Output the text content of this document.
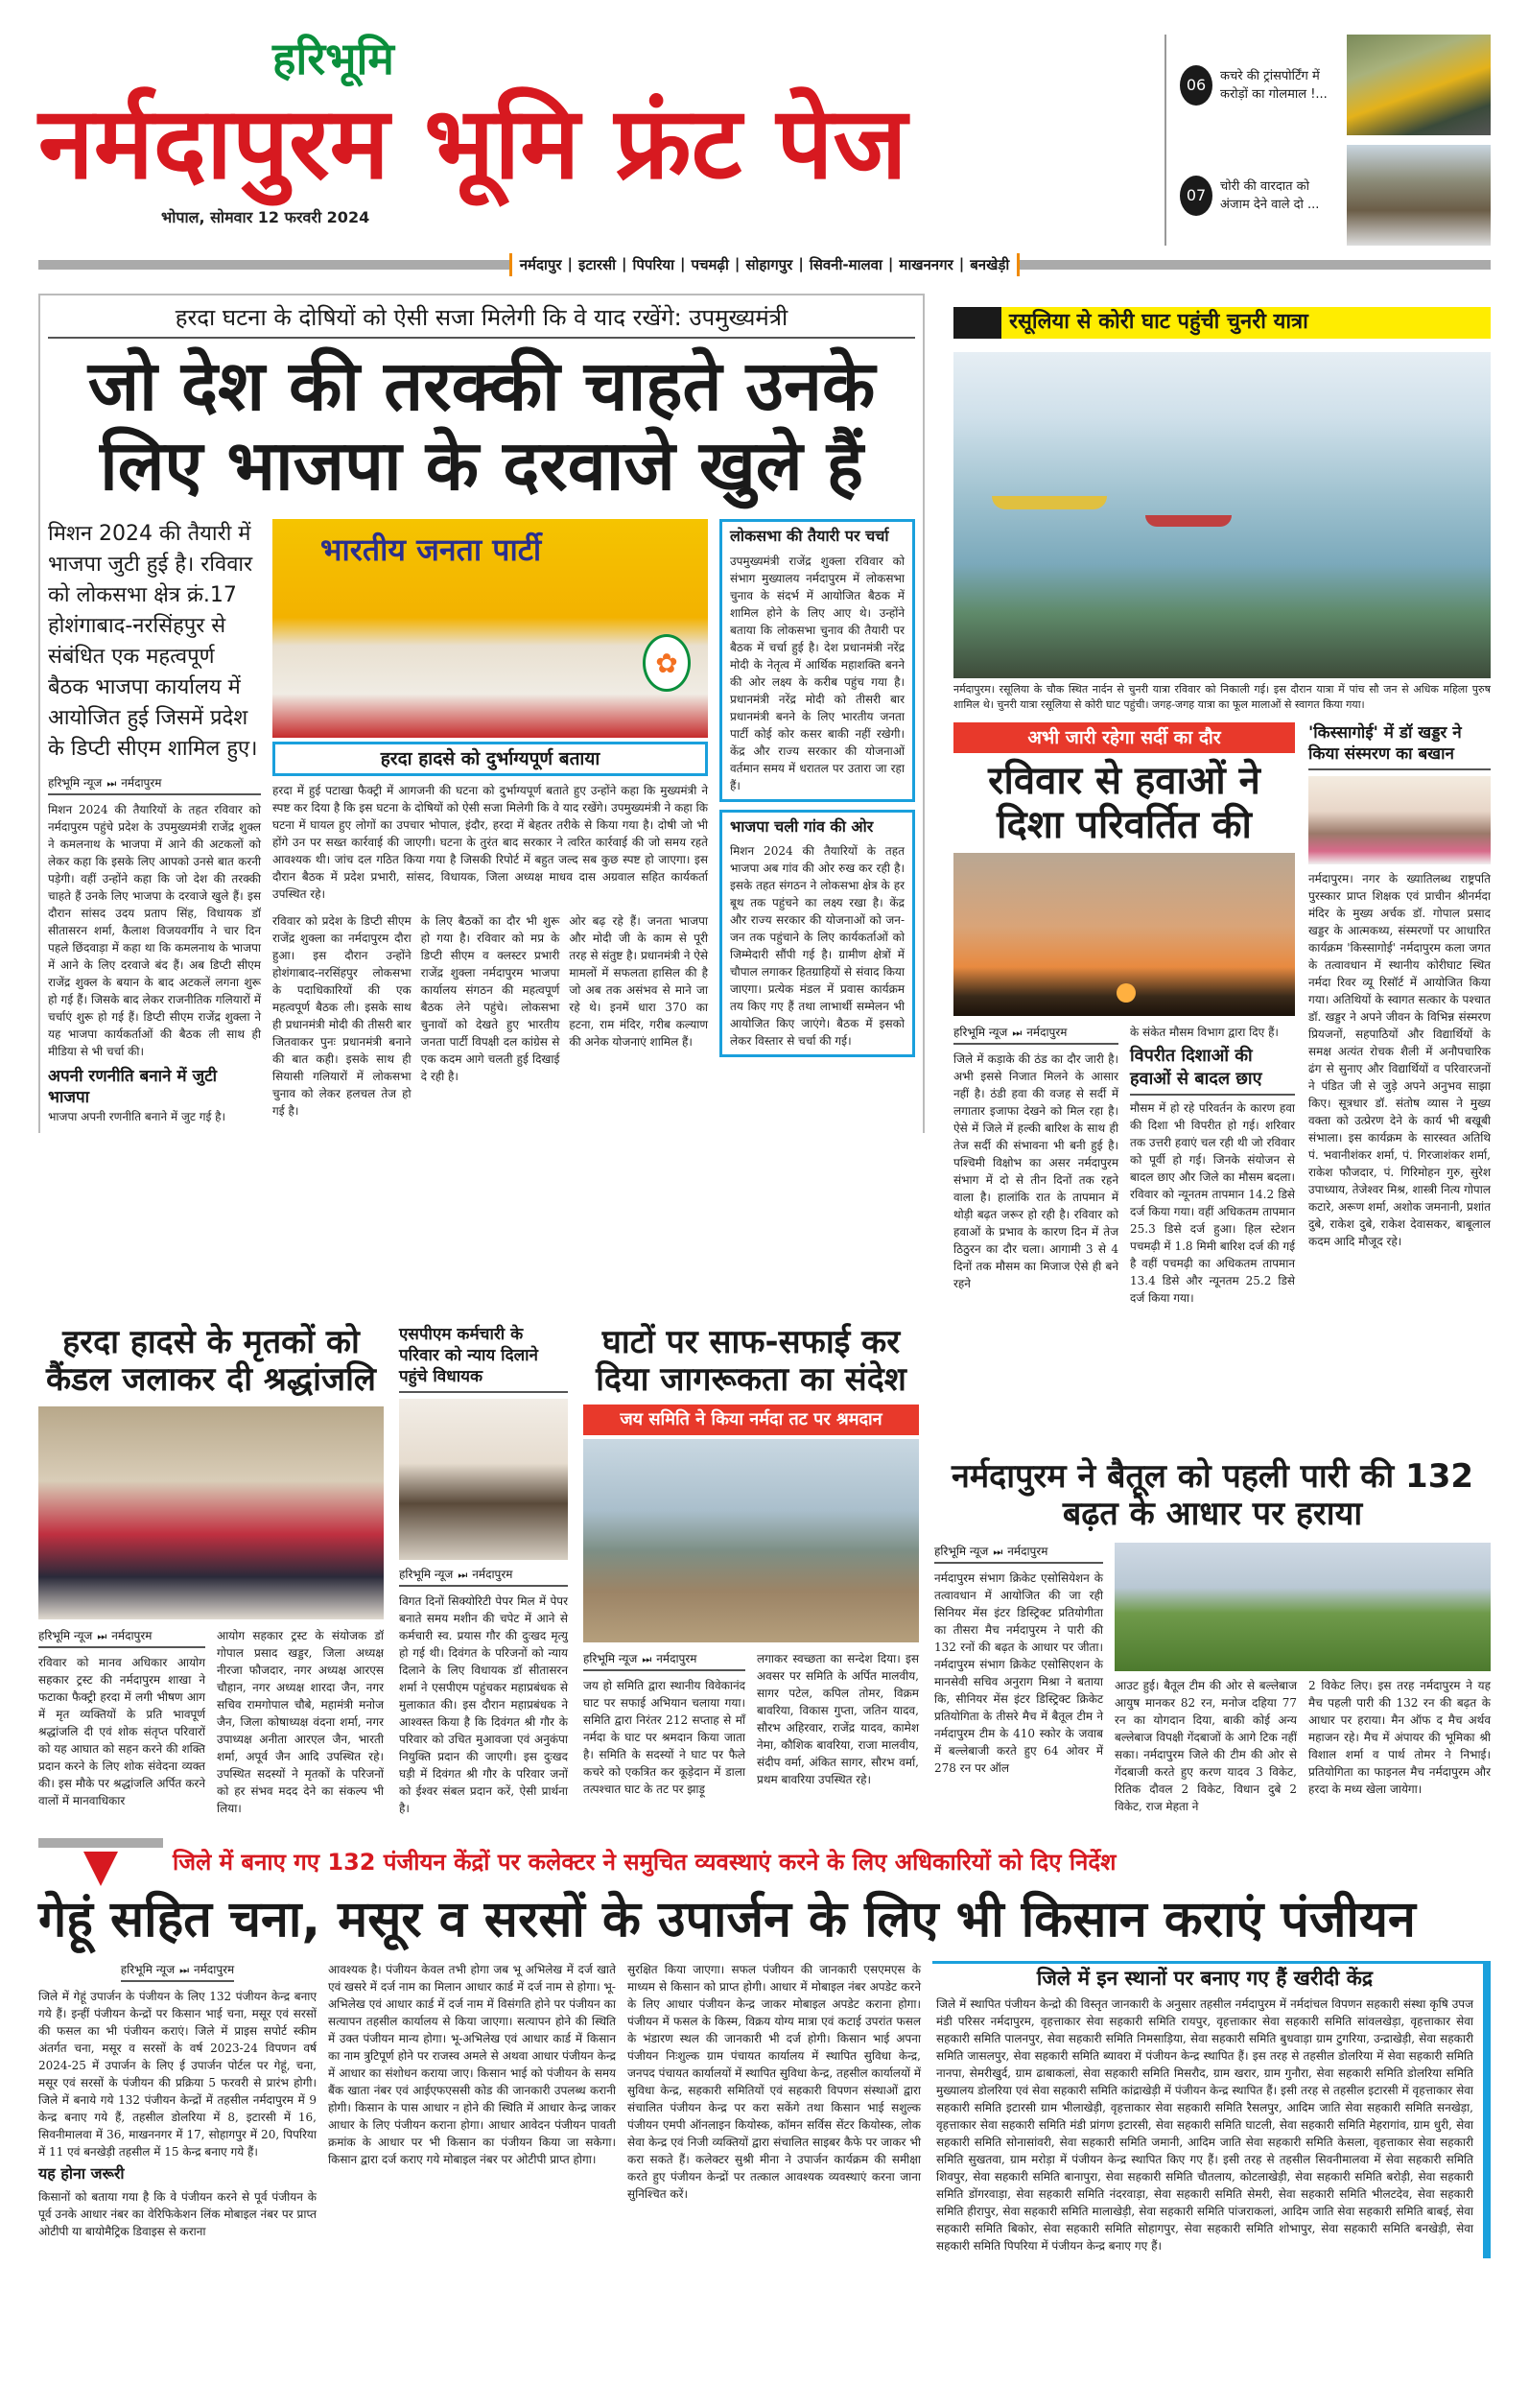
हरिभूमि
नर्मदापुरम भूमि फ्रंट पेज
भोपाल, सोमवार 12 फरवरी 2024
06	कचरे की ट्रांसपोर्टिंग में करोड़ों का गोलमाल !...
07	चोरी की वारदात को अंजाम देने वाले दो ...
नर्मदापुर | इटारसी | पिपरिया | पचमढ़ी | सोहागपुर | सिवनी-मालवा | माखननगर | बनखेड़ी
हरदा घटना के दोषियों को ऐसी सजा मिलेगी कि वे याद रखेंगे: उपमुख्यमंत्री
जो देश की तरक्की चाहते उनके लिए भाजपा के दरवाजे खुले हैं
मिशन 2024 की तैयारी में भाजपा जुटी हुई है। रविवार को लोकसभा क्षेत्र क्रं.17 होशंगाबाद-नरसिंहपुर से संबंधित एक महत्वपूर्ण बैठक भाजपा कार्यालय में आयोजित हुई जिसमें प्रदेश के डिप्टी सीएम शामिल हुए।
हरिभूमि न्यूज ⏭ नर्मदापुरम
मिशन 2024 की तैयारियों के तहत रविवार को नर्मदापुरम पहुंचे प्रदेश के उपमुख्यमंत्री राजेंद्र शुक्ल ने कमलनाथ के भाजपा में आने की अटकलों को लेकर कहा कि इसके लिए आपको उनसे बात करनी पड़ेगी। वहीं उन्होंने कहा कि जो देश की तरक्की चाहते हैं उनके लिए भाजपा के दरवाजे खुले हैं। इस दौरान सांसद उदय प्रताप सिंह, विधायक डॉ सीतासरन शर्मा, कैलाश विजयवर्गीय ने चार दिन पहले छिंदवाड़ा में कहा था कि कमलनाथ के भाजपा में आने के लिए दरवाजे बंद हैं। अब डिप्टी सीएम राजेंद्र शुक्ल के बयान के बाद अटकलें लगना शुरू हो गई हैं। जिसके बाद लेकर राजनीतिक गलियारों में चर्चाएं शुरू हो गई हैं। डिप्टी सीएम राजेंद्र शुक्ला ने यह भाजपा कार्यकर्ताओं की बैठक ली साथ ही मीडिया से भी चर्चा की।
अपनी रणनीति बनाने में जुटी भाजपा
भाजपा अपनी रणनीति बनाने में जुट गई है।
भारतीय जनता पार्टी
✿
हरदा हादसे को दुर्भाग्यपूर्ण बताया
हरदा में हुई पटाखा फैक्ट्री में आगजनी की घटना को दुर्भाग्यपूर्ण बताते हुए उन्होंने कहा कि मुख्यमंत्री ने स्पष्ट कर दिया है कि इस घटना के दोषियों को ऐसी सजा मिलेगी कि वे याद रखेंगे। उपमुख्यमंत्री ने कहा कि घटना में घायल हुए लोगों का उपचार भोपाल, इंदौर, हरदा में बेहतर तरीके से किया गया है। दोषी जो भी होंगे उन पर सख्त कार्रवाई की जाएगी। घटना के तुरंत बाद सरकार ने त्वरित कार्रवाई की जो समय रहते आवश्यक थी। जांच दल गठित किया गया है जिसकी रिपोर्ट में बहुत जल्द सब कुछ स्पष्ट हो जाएगा। इस दौरान बैठक में प्रदेश प्रभारी, सांसद, विधायक, जिला अध्यक्ष माधव दास अग्रवाल सहित कार्यकर्ता उपस्थित रहे।
रविवार को प्रदेश के डिप्टी सीएम राजेंद्र शुक्ला का नर्मदापुरम दौरा हुआ। इस दौरान उन्होंने होशंगाबाद-नरसिंहपुर लोकसभा के पदाधिकारियों की एक महत्वपूर्ण बैठक ली। इसके साथ ही प्रधानमंत्री मोदी की तीसरी बार जितवाकर पुनः प्रधानमंत्री बनाने की बात कही। इसके साथ ही सियासी गलियारों में लोकसभा चुनाव को लेकर हलचल तेज हो गई है।
के लिए बैठकों का दौर भी शुरू हो गया है। रविवार को मप्र के डिप्टी सीएम व क्लस्टर प्रभारी राजेंद्र शुक्ला नर्मदापुरम भाजपा कार्यालय संगठन की महत्वपूर्ण बैठक लेने पहुंचे। लोकसभा चुनावों को देखते हुए भारतीय जनता पार्टी विपक्षी दल कांग्रेस से एक कदम आगे चलती हुई दिखाई दे रही है।
ओर बढ़ रहे हैं। जनता भाजपा और मोदी जी के काम से पूरी तरह से संतुष्ट है। प्रधानमंत्री ने ऐसे मामलों में सफलता हासिल की है जो अब तक असंभव से माने जा रहे थे। इनमें धारा 370 का हटना, राम मंदिर, गरीब कल्याण की अनेक योजनाएं शामिल हैं।
लोकसभा की तैयारी पर चर्चा
उपमुख्यमंत्री राजेंद्र शुक्ला रविवार को संभाग मुख्यालय नर्मदापुरम में लोकसभा चुनाव के संदर्भ में आयोजित बैठक में शामिल होने के लिए आए थे। उन्होंने बताया कि लोकसभा चुनाव की तैयारी पर बैठक में चर्चा हुई है। देश प्रधानमंत्री नरेंद्र मोदी के नेतृत्व में आर्थिक महाशक्ति बनने की ओर लक्ष्य के करीब पहुंच गया है। प्रधानमंत्री नरेंद्र मोदी को तीसरी बार प्रधानमंत्री बनने के लिए भारतीय जनता पार्टी कोई कोर कसर बाकी नहीं रखेगी। केंद्र और राज्य सरकार की योजनाओं वर्तमान समय में धरातल पर उतारा जा रहा हैं।
भाजपा चली गांव की ओर
मिशन 2024 की तैयारियों के तहत भाजपा अब गांव की ओर रुख कर रही है। इसके तहत संगठन ने लोकसभा क्षेत्र के हर बूथ तक पहुंचने का लक्ष्य रखा है। केंद्र और राज्य सरकार की योजनाओं को जन-जन तक पहुंचाने के लिए कार्यकर्ताओं को जिम्मेदारी सौंपी गई है। ग्रामीण क्षेत्रों में चौपाल लगाकर हितग्राहियों से संवाद किया जाएगा। प्रत्येक मंडल में प्रवास कार्यक्रम तय किए गए हैं तथा लाभार्थी सम्मेलन भी आयोजित किए जाएंगे। बैठक में इसको लेकर विस्तार से चर्चा की गई।
रसूलिया से कोरी घाट पहुंची चुनरी यात्रा
नर्मदापुरम। रसूलिया के चौक स्थित नार्दन से चुनरी यात्रा रविवार को निकाली गई। इस दौरान यात्रा में पांच सौ जन से अधिक महिला पुरुष शामिल थे। चुनरी यात्रा रसूलिया से कोरी घाट पहुंची। जगह-जगह यात्रा का फूल मालाओं से स्वागत किया गया।
अभी जारी रहेगा सर्दी का दौर
रविवार से हवाओं ने दिशा परिवर्तित की
हरिभूमि न्यूज ⏭ नर्मदापुरम
जिले में कड़ाके की ठंड का दौर जारी है। अभी इससे निजात मिलने के आसार नहीं है। ठंडी हवा की वजह से सर्दी में लगातार इजाफा देखने को मिल रहा है। ऐसे में जिले में हल्की बारिश के साथ ही तेज सर्दी की संभावना भी बनी हुई है। पश्चिमी विक्षोभ का असर नर्मदापुरम संभाग में दो से तीन दिनों तक रहने वाला है। हालांकि रात के तापमान में थोड़ी बढ़त जरूर हो रही है। रविवार को हवाओं के प्रभाव के कारण दिन में तेज ठिठुरन का दौर चला। आगामी 3 से 4 दिनों तक मौसम का मिजाज ऐसे ही बने रहने
के संकेत मौसम विभाग द्वारा दिए हैं।
विपरीत दिशाओं की हवाओं से बादल छाए
मौसम में हो रहे परिवर्तन के कारण हवा की दिशा भी विपरीत हो गई। शरिवार तक उत्तरी हवाएं चल रही थी जो रविवार को पूर्वी हो गई। जिनके संयोजन से बादल छाए और जिले का मौसम बदला। रविवार को न्यूनतम तापमान 14.2 डिसे दर्ज किया गया। वहीं अधिकतम तापमान 25.3 डिसे दर्ज हुआ। हिल स्टेशन पचमढ़ी में 1.8 मिमी बारिश दर्ज की गई है वहीं पचमढ़ी का अधिकतम तापमान 13.4 डिसे और न्यूनतम 25.2 डिसे दर्ज किया गया।
'किस्सागोई' में डॉ खड्डर ने किया संस्मरण का बखान
नर्मदापुरम। नगर के ख्यातिलब्ध राष्ट्रपति पुरस्कार प्राप्त शिक्षक एवं प्राचीन श्रीनर्मदा मंदिर के मुख्य अर्चक डॉ. गोपाल प्रसाद खड्डर के आत्मकथ्य, संस्मरणों पर आधारित कार्यक्रम 'किस्सागोई' नर्मदापुरम कला जगत के तत्वावधान में स्थानीय कोरीघाट स्थित नर्मदा रिवर व्यू रिसॉर्ट में आयोजित किया गया। अतिथियों के स्वागत सत्कार के पश्चात डॉ. खड्डर ने अपने जीवन के विभिन्न संस्मरण प्रियजनों, सहपाठियों और विद्यार्थियों के समक्ष अत्यंत रोचक शैली में अनौपचारिक ढंग से सुनाए और विद्यार्थियों व परिवारजनों ने पंडित जी से जुड़े अपने अनुभव साझा किए। सूत्रधार डॉ. संतोष व्यास ने मुख्य वक्ता को उत्प्रेरण देने के कार्य भी बखूबी संभाला। इस कार्यक्रम के सारस्वत अतिथि पं. भवानीशंकर शर्मा, पं. गिरजाशंकर शर्मा, राकेश फौजदार, पं. गिरिमोहन गुरु, सुरेश उपाध्याय, तेजेश्वर मिश्र, शास्त्री नित्य गोपाल कटारे, अरूण शर्मा, अशोक जमनानी, प्रशांत दुबे, राकेश दुबे, राकेश देवासकर, बाबूलाल कदम आदि मौजूद रहे।
हरदा हादसे के मृतकों को कैंडल जलाकर दी श्रद्धांजलि
हरिभूमि न्यूज ⏭ नर्मदापुरम
रविवार को मानव अधिकार आयोग सहकार ट्रस्ट की नर्मदापुरम शाखा ने फटाका फैक्ट्री हरदा में लगी भीषण आग में मृत व्यक्तियों के प्रति भावपूर्ण श्रद्धांजलि दी एवं शोक संतृप्त परिवारों को यह आघात को सहन करने की शक्ति प्रदान करने के लिए शोक संवेदना व्यक्त की। इस मौके पर श्रद्धांजलि अर्पित करने वालों में मानवाधिकार
आयोग सहकार ट्रस्ट के संयोजक डॉ गोपाल प्रसाद खड्डर, जिला अध्यक्ष नीरजा फौजदार, नगर अध्यक्ष आरएस चौहान, नगर अध्यक्ष शारदा जैन, नगर सचिव रामगोपाल चौबे, महामंत्री मनोज जैन, जिला कोषाध्यक्ष वंदना शर्मा, नगर उपाध्यक्ष अनीता आरएल जैन, भारती शर्मा, अपूर्व जैन आदि उपस्थित रहे। उपस्थित सदस्यों ने मृतकों के परिजनों को हर संभव मदद देने का संकल्प भी लिया।
एसपीएम कर्मचारी के परिवार को न्याय दिलाने पहुंचे विधायक
हरिभूमि न्यूज ⏭ नर्मदापुरम
विगत दिनों सिक्योरिटी पेपर मिल में पेपर बनाते समय मशीन की चपेट में आने से कर्मचारी स्व. प्रयास गौर की दुःखद मृत्यु हो गई थी। दिवंगत के परिजनों को न्याय दिलाने के लिए विधायक डॉ सीतासरन शर्मा ने एसपीएम पहुंचकर महाप्रबंधक से मुलाकात की। इस दौरान महाप्रबंधक ने आश्वस्त किया है कि दिवंगत श्री गौर के परिवार को उचित मुआवजा एवं अनुकंपा नियुक्ति प्रदान की जाएगी। इस दुःखद घड़ी में दिवंगत श्री गौर के परिवार जनों को ईश्वर संबल प्रदान करें, ऐसी प्रार्थना है।
घाटों पर साफ-सफाई कर दिया जागरूकता का संदेश
जय समिति ने किया नर्मदा तट पर श्रमदान
हरिभूमि न्यूज ⏭ नर्मदापुरम
जय हो समिति द्वारा स्थानीय विवेकानंद घाट पर सफाई अभियान चलाया गया। समिति द्वारा निरंतर 212 सप्ताह से माँ नर्मदा के घाट पर श्रमदान किया जाता है। समिति के सदस्यों ने घाट पर फैले कचरे को एकत्रित कर कूड़ेदान में डाला तत्पश्चात घाट के तट पर झाड़ू
लगाकर स्वच्छता का सन्देश दिया। इस अवसर पर समिति के अर्पित मालवीय, सागर पटेल, कपिल तोमर, विक्रम बावरिया, विकास गुप्ता, जतिन यादव, सौरभ अहिरवार, राजेंद्र यादव, कामेश नेमा, कौशिक बावरिया, राजा मालवीय, संदीप वर्मा, अंकित सागर, सौरभ वर्मा, प्रथम बावरिया उपस्थित रहे।
नर्मदापुरम ने बैतूल को पहली पारी की 132 बढ़त के आधार पर हराया
हरिभूमि न्यूज ⏭ नर्मदापुरम
नर्मदापुरम संभाग क्रिकेट एसोसियेशन के तत्वावधान में आयोजित की जा रही सिनियर मेंस इंटर डिस्ट्रिक्ट प्रतियोगीता का तीसरा मैच नर्मदापुरम ने पारी की 132 रनों की बढ़त के आधार पर जीता। नर्मदापुरम संभाग क्रिकेट एसोसिएशन के मानसेवी सचिव अनुराग मिश्रा ने बताया कि, सीनियर मेंस इंटर डिस्ट्रिक्ट क्रिकेट प्रतियोगिता के तीसरे मैच में बैतूल टीम ने नर्मदापुरम टीम के 410 स्कोर के जवाब में बल्लेबाजी करते हुए 64 ओवर में 278 रन पर ऑल
आउट हुई। बैतूल टीम की ओर से बल्लेबाज आयुष मानकर 82 रन, मनोज दहिया 77 रन का योगदान दिया, बाकी कोई अन्य बल्लेबाज विपक्षी गेंदबाजों के आगे टिक नहीं सका। नर्मदापुरम जिले की टीम की ओर से गेंदबाजी करते हुए करण यादव 3 विकेट, रितिक दौवल 2 विकेट, विधान दुबे 2 विकेट, राज मेहता ने
2 विकेट लिए। इस तरह नर्मदापुरम ने यह मैच पहली पारी की 132 रन की बढ़त के आधार पर हराया। मैन ऑफ द मैच अर्थव महाजन रहे। मैच में अंपायर की भूमिका श्री विशाल शर्मा व पार्थ तोमर ने निभाई। प्रतियोगिता का फाइनल मैच नर्मदापुरम और हरदा के मध्य खेला जायेगा।
जिले में बनाए गए 132 पंजीयन केंद्रों पर कलेक्टर ने समुचित व्यवस्थाएं करने के लिए अधिकारियों को दिए निर्देश
गेहूं सहित चना, मसूर व सरसों के उपार्जन के लिए भी किसान कराएं पंजीयन
हरिभूमि न्यूज ⏭ नर्मदापुरम
जिले में गेहूं उपार्जन के पंजीयन के लिए 132 पंजीयन केन्द्र बनाए गये हैं। इन्हीं पंजीयन केन्द्रों पर किसान भाई चना, मसूर एवं सरसों की फसल का भी पंजीयन कराएं। जिले में प्राइस सपोर्ट स्कीम अंतर्गत चना, मसूर व सरसों के वर्ष 2023-24 विपणन वर्ष 2024-25 में उपार्जन के लिए ई उपार्जन पोर्टल पर गेहूं, चना, मसूर एवं सरसों के पंजीयन की प्रक्रिया 5 फरवरी से प्रारंभ होगी। जिले में बनाये गये 132 पंजीयन केन्द्रों में तहसील नर्मदापुरम में 9 केन्द्र बनाए गये हैं, तहसील डोलरिया में 8, इटारसी में 16, सिवनीमालवा में 36, माखननगर में 17, सोहागपुर में 20, पिपरिया में 11 एवं बनखेड़ी तहसील में 15 केन्द्र बनाए गये हैं।
यह होना जरूरी
किसानों को बताया गया है कि वे पंजीयन करने से पूर्व पंजीयन के पूर्व उनके आधार नंबर का वेरिफिकेशन लिंक मोबाइल नंबर पर प्राप्त ओटीपी या बायोमैट्रिक डिवाइस से कराना
आवश्यक है। पंजीयन केवल तभी होगा जब भू अभिलेख में दर्ज खाते एवं खसरे में दर्ज नाम का मिलान आधार कार्ड में दर्ज नाम से होगा। भू-अभिलेख एवं आधार कार्ड में दर्ज नाम में विसंगति होने पर पंजीयन का सत्यापन तहसील कार्यालय से किया जाएगा। सत्यापन होने की स्थिति में उक्त पंजीयन मान्य होगा। भू-अभिलेख एवं आधार कार्ड में किसान का नाम त्रुटिपूर्ण होने पर राजस्व अमले से अथवा आधार पंजीयन केन्द्र में आधार का संशोधन कराया जाए। किसान भाई को पंजीयन के समय बैंक खाता नंबर एवं आईएफएससी कोड की जानकारी उपलब्ध करानी होगी। किसान के पास आधार न होने की स्थिति में आधार केन्द्र जाकर आधार के लिए पंजीयन कराना होगा। आधार आवेदन पंजीयन पावती क्रमांक के आधार पर भी किसान का पंजीयन किया जा सकेगा। किसान द्वारा दर्ज कराए गये मोबाइल नंबर पर ओटीपी प्राप्त होगा।
सुरक्षित किया जाएगा। सफल पंजीयन की जानकारी एसएमएस के माध्यम से किसान को प्राप्त होगी। आधार में मोबाइल नंबर अपडेट करने के लिए आधार पंजीयन केन्द्र जाकर मोबाइल अपडेट कराना होगा। पंजीयन में फसल के किस्म, विक्रय योग्य मात्रा एवं कटाई उपरांत फसल के भंडारण स्थल की जानकारी भी दर्ज होगी। किसान भाई अपना पंजीयन निःशुल्क ग्राम पंचायत कार्यालय में स्थापित सुविधा केन्द्र, जनपद पंचायत कार्यालयों में स्थापित सुविधा केन्द्र, तहसील कार्यालयों में सुविधा केन्द्र, सहकारी समितियों एवं सहकारी विपणन संस्थाओं द्वारा संचालित पंजीयन केन्द्र पर करा सकेंगे तथा किसान भाई सशुल्क पंजीयन एमपी ऑनलाइन कियोस्क, कॉमन सर्विस सेंटर कियोस्क, लोक सेवा केन्द्र एवं निजी व्यक्तियों द्वारा संचालित साइबर कैफे पर जाकर भी करा सकते हैं। कलेक्टर सुश्री मीना ने उपार्जन कार्यक्रम की समीक्षा करते हुए पंजीयन केन्द्रों पर तत्काल आवश्यक व्यवस्थाएं करना जाना सुनिश्चित करें।
जिले में इन स्थानों पर बनाए गए हैं खरीदी केंद्र
जिले में स्थापित पंजीयन केन्द्रो की विस्तृत जानकारी के अनुसार तहसील नर्मदापुरम में नर्मदांचल विपणन सहकारी संस्था कृषि उपज मंडी परिसर नर्मदापुरम, वृहत्ताकार सेवा सहकारी समिति रायपुर, वृहत्ताकार सेवा सहकारी समिति सांवलखेड़ा, वृहत्ताकार सेवा सहकारी समिति पालनपुर, सेवा सहकारी समिति निमसाड़िया, सेवा सहकारी समिति बुधवाड़ा ग्राम टुगरिया, उन्द्राखेड़ी, सेवा सहकारी समिति जासलपुर, सेवा सहकारी समिति ब्यावरा में पंजीयन केन्द्र स्थापित हैं। इस तरह से तहसील डोलरिया में सेवा सहकारी समिति नानपा, सेमरीखुर्द, ग्राम ढाबाकलां, सेवा सहकारी समिति मिसरौद, ग्राम खरार, ग्राम गुनौरा, सेवा सहकारी समिति डोलरिया समिति मुख्यालय डोलरिया एवं सेवा सहकारी समिति कांद्राखेड़ी में पंजीयन केन्द्र स्थापित हैं। इसी तरह से तहसील इटारसी में वृहत्ताकार सेवा सहकारी समिति इटारसी ग्राम भीलाखेड़ी, वृहत्ताकार सेवा सहकारी समिति रैसलपुर, आदिम जाति सेवा सहकारी समिति सनखेड़ा, वृहत्ताकार सेवा सहकारी समिति मंडी प्रांगण इटारसी, सेवा सहकारी समिति घाटली, सेवा सहकारी समिति मेहरागांव, ग्राम धुरी, सेवा सहकारी समिति सोनासांवरी, सेवा सहकारी समिति जमानी, आदिम जाति सेवा सहकारी समिति केसला, वृहत्ताकार सेवा सहकारी समिति सुखतवा, ग्राम मरोड़ा में पंजीयन केन्द्र स्थापित किए गए हैं। इसी तरह से तहसील सिवनीमालवा में सेवा सहकारी समिति शिवपुर, सेवा सहकारी समिति बानापुरा, सेवा सहकारी समिति चौतलाय, कोटलाखेड़ी, सेवा सहकारी समिति बरोड़ी, सेवा सहकारी समिति डोंगरवाड़ा, सेवा सहकारी समिति नंदरवाड़ा, सेवा सहकारी समिति सेमरी, सेवा सहकारी समिति भीलटदेव, सेवा सहकारी समिति हीरापुर, सेवा सहकारी समिति मालाखेड़ी, सेवा सहकारी समिति पांजराकलां, आदिम जाति सेवा सहकारी समिति बाबई, सेवा सहकारी समिति बिकोर, सेवा सहकारी समिति सोहागपुर, सेवा सहकारी समिति शोभापुर, सेवा सहकारी समिति बनखेड़ी, सेवा सहकारी समिति पिपरिया में पंजीयन केन्द्र बनाए गए हैं।
